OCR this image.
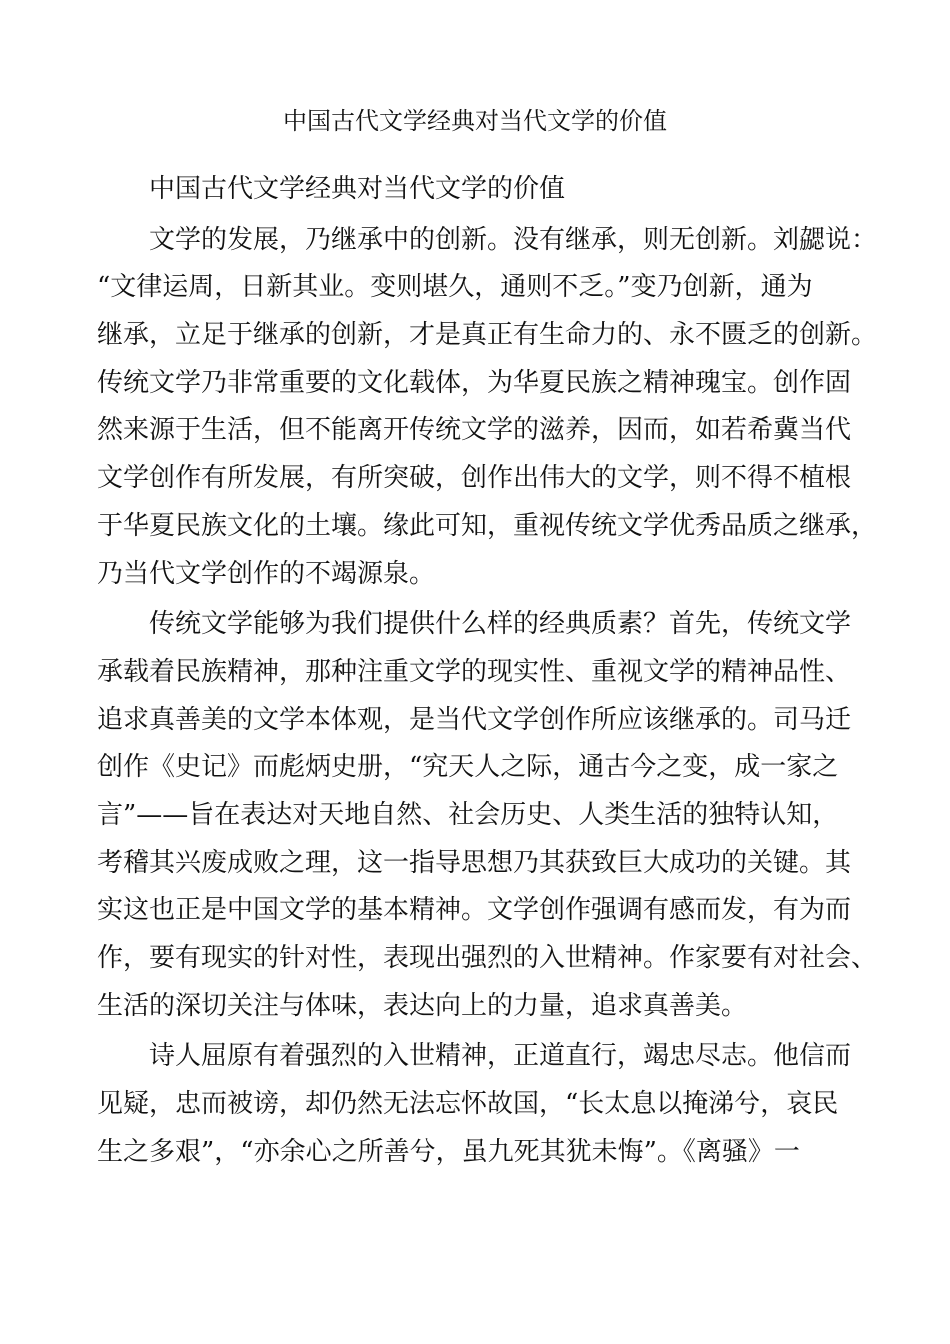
中国古代文学经典对当代文学的价值
中国古代文学经典对当代文学的价值
文学的发展，乃继承中的创新。没有继承，则无创新。刘勰说：
“文律运周，日新其业。变则堪久，通则不乏。”变乃创新，通为
继承，立足于继承的创新，才是真正有生命力的、永不匮乏的创新。
传统文学乃非常重要的文化载体，为华夏民族之精神瑰宝。创作固
然来源于生活，但不能离开传统文学的滋养，因而，如若希冀当代
文学创作有所发展，有所突破，创作出伟大的文学，则不得不植根
于华夏民族文化的土壤。缘此可知，重视传统文学优秀品质之继承，
乃当代文学创作的不竭源泉。
传统文学能够为我们提供什么样的经典质素？首先，传统文学
承载着民族精神，那种注重文学的现实性、重视文学的精神品性、
追求真善美的文学本体观，是当代文学创作所应该继承的。司马迁
创作《史记》而彪炳史册，“究天人之际，通古今之变，成一家之
言”——旨在表达对天地自然、社会历史、人类生活的独特认知，
考稽其兴废成败之理，这一指导思想乃其获致巨大成功的关键。其
实这也正是中国文学的基本精神。文学创作强调有感而发，有为而
作，要有现实的针对性，表现出强烈的入世精神。作家要有对社会、
生活的深切关注与体味，表达向上的力量，追求真善美。
诗人屈原有着强烈的入世精神，正道直行，竭忠尽志。他信而
见疑，忠而被谤，却仍然无法忘怀故国，“长太息以掩涕兮，哀民
生之多艰”，“亦余心之所善兮，虽九死其犹未悔”。《离骚》一
